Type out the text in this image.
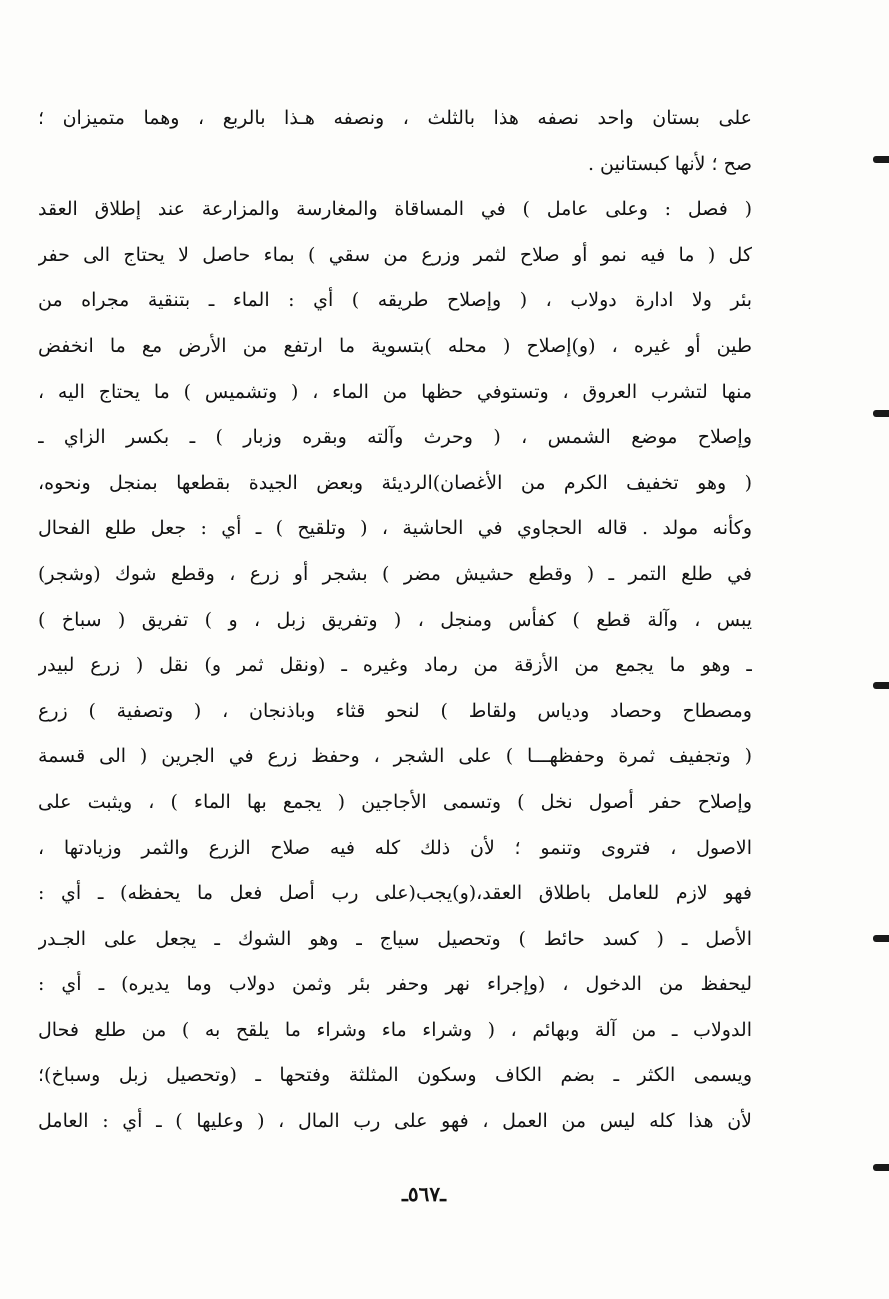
على بستان واحد نصفه هذا بالثلث ، ونصفه هـذا بالربع ، وهما متميزان ؛
صح ؛ لأنها كبستانين .
( فصل : وعلى عامل ) في المساقاة والمغارسة والمزارعة عند إطلاق العقد
كل ( ما فيه نمو أو صلاح لثمر وزرع من سقي ) بماء حاصل لا يحتاج الى حفر
بئر ولا ادارة دولاب ، ( وإصلاح طريقه ) أي : الماء ـ بتنقية مجراه من
طين أو غيره ، (و)إصلاح ( محله )بتسوية ما ارتفع من الأرض مع ما انخفض
منها لتشرب العروق ، وتستوفي حظها من الماء ، ( وتشميس ) ما يحتاج اليه ،
وإصلاح موضع الشمس ، ( وحرث وآلته وبقره وزبار ) ـ بكسر الزاي ـ
( وهو تخفيف الكرم من الأغصان)الرديئة وبعض الجيدة بقطعها بمنجل ونحوه،
وكأنه مولد . قاله الحجاوي في الحاشية ، ( وتلقيح ) ـ أي : جعل طلع الفحال
في طلع التمر ـ ( وقطع حشيش مضر ) بشجر أو زرع ، وقطع شوك (وشجر)
يبس ، وآلة قطع ) كفأس ومنجل ، ( وتفريق زبل ، و ) تفريق ( سباخ )
ـ وهو ما يجمع من الأزقة من رماد وغيره ـ (ونقل ثمر و) نقل ( زرع لبيدر
ومصطاح وحصاد ودياس ولقاط ) لنحو قثاء وباذنجان ، ( وتصفية ) زرع
( وتجفيف ثمرة وحفظهـــا ) على الشجر ، وحفظ زرع في الجرين ( الى قسمة
وإصلاح حفر أصول نخل ) وتسمى الأجاجين ( يجمع بها الماء ) ، ويثبت على
الاصول ، فتروى وتنمو ؛ لأن ذلك كله فيه صلاح الزرع والثمر وزيادتها ،
فهو لازم للعامل باطلاق العقد،(و)يجب(على رب أصل فعل ما يحفظه) ـ أي :
الأصل ـ ( كسد حائط ) وتحصيل سياج ـ وهو الشوك ـ يجعل على الجـدر
ليحفظ من الدخول ، (وإجراء نهر وحفر بئر وثمن دولاب وما يديره) ـ أي :
الدولاب ـ من آلة وبهائم ، ( وشراء ماء وشراء ما يلقح به ) من طلع فحال
ويسمى الكثر ـ بضم الكاف وسكون المثلثة وفتحها ـ (وتحصيل زبل وسباخ)؛
لأن هذا كله ليس من العمل ، فهو على رب المال ، ( وعليها ) ـ أي : العامل
ـ٥٦٧ـ
